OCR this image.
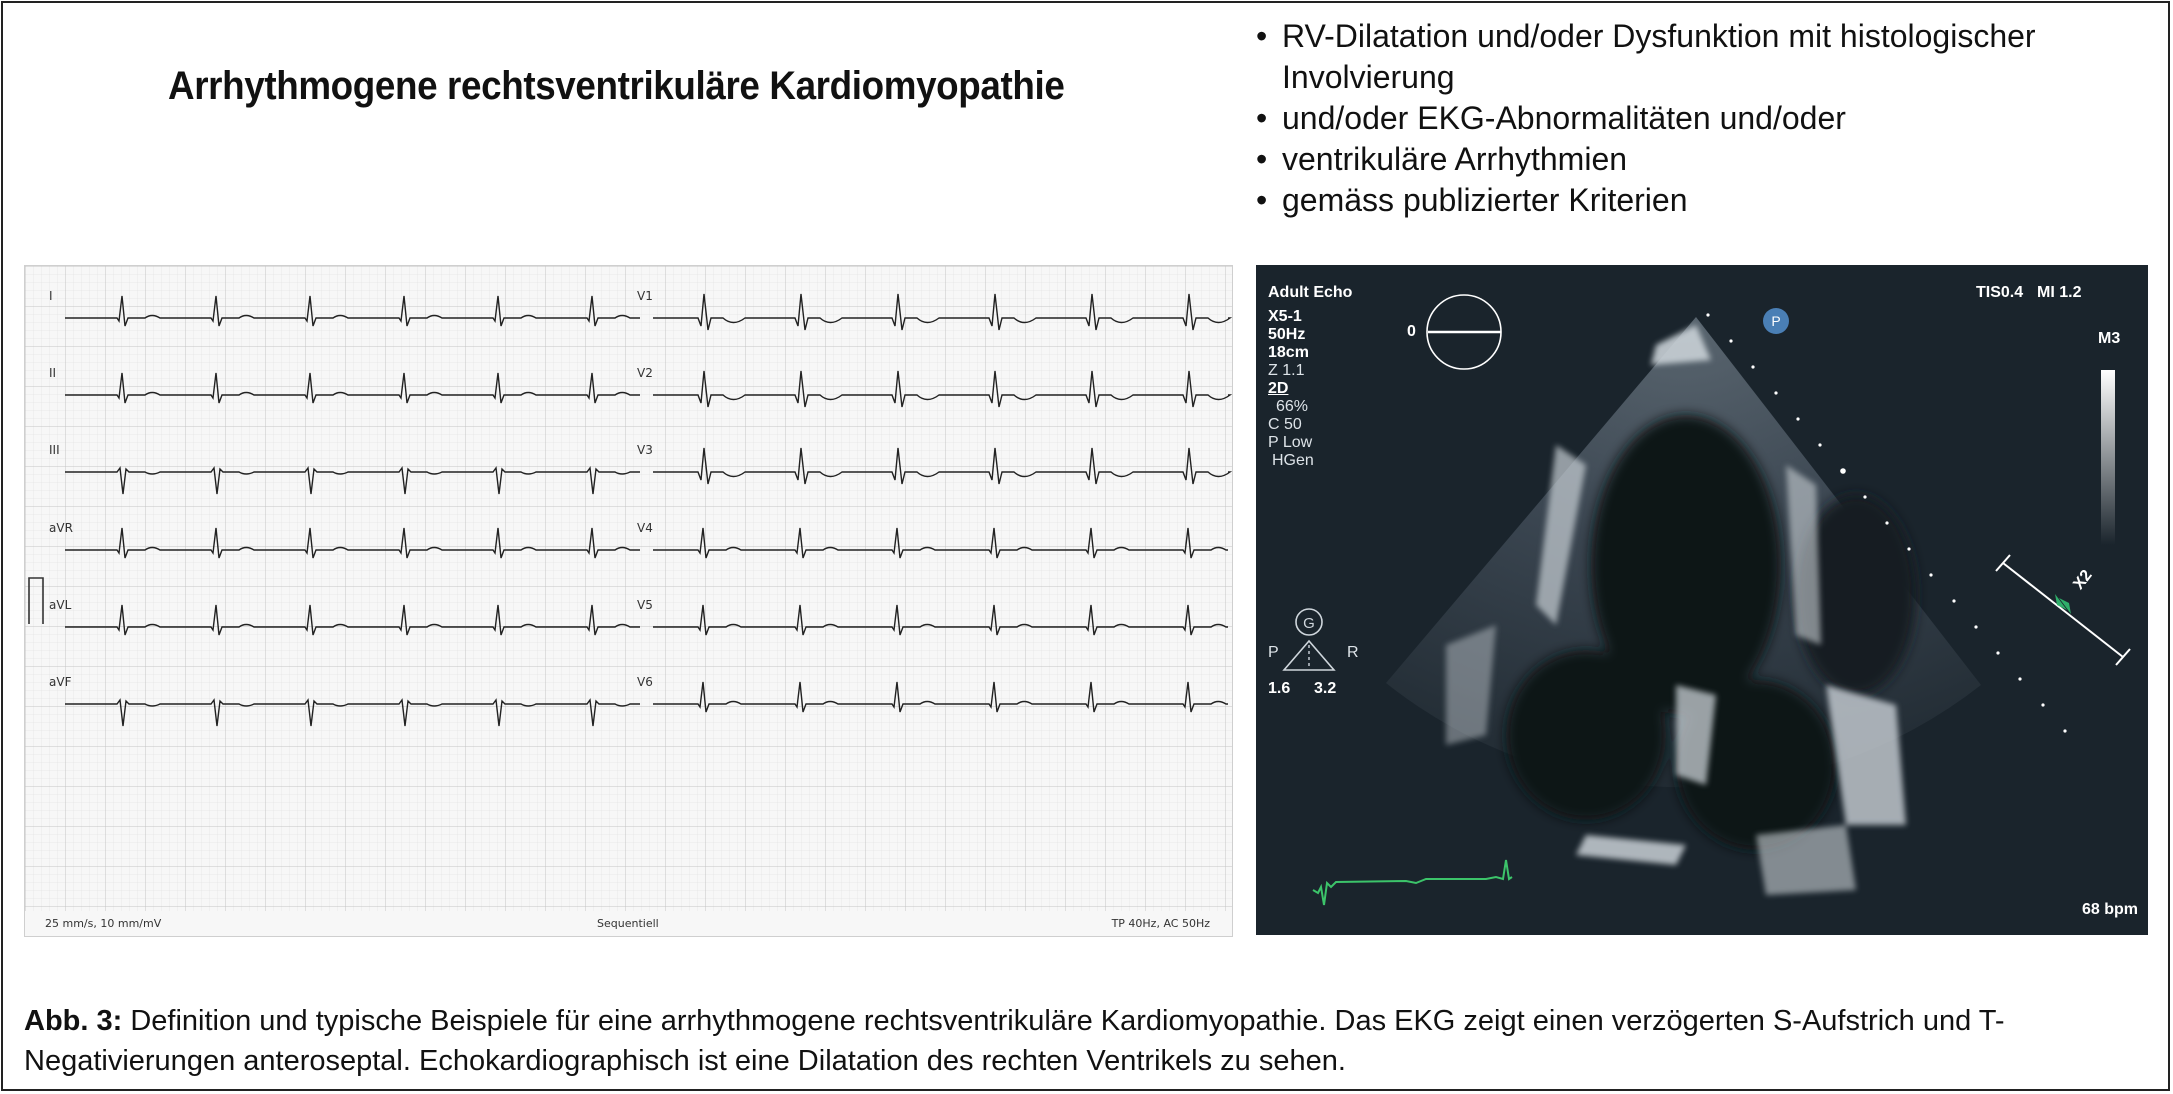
Arrhythmogene rechtsventrikuläre Kardiomyopathie
• RV-Dilatation und/oder Dysfunktion mit histologischer Involvierung
• und/oder EKG-Abnormalitäten und/oder
• ventrikuläre Arrhythmien
• gemäss publizierter Kriterien
I
II
III
aVR
aVL
aVF
V1
V2
V3
V4
V5
V6
25 mm/s, 10 mm/mV	Sequentiell	TP 40Hz, AC 50Hz
P
G
Adult Echo
X5-1
50Hz
18cm
Z 1.1
2D
66%
C 50
P Low
HGen
0
TIS0.4 MI 1.2
M3
P	R
1.6 3.2
X2
68 bpm
Abb. 3: Definition und typische Beispiele für eine arrhythmogene rechtsventrikuläre Kardiomyopathie. Das EKG zeigt einen verzögerten S-Aufstrich und T-Negativierungen anteroseptal. Echokardiographisch ist eine Dilatation des rechten Ventrikels zu sehen.
